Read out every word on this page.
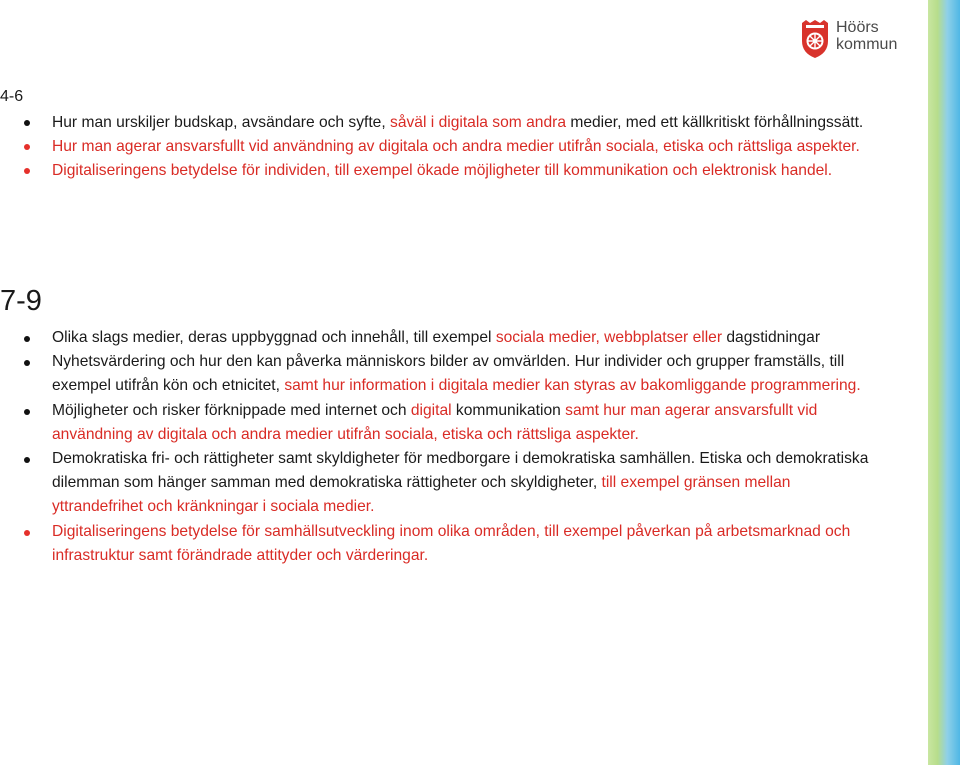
Höörs
kommun
4-6
Hur man urskiljer budskap, avsändare och syfte, såväl i digitala som andra medier, med ett källkritiskt förhållningssätt.
Hur man agerar ansvarsfullt vid användning av digitala och andra medier utifrån sociala, etiska och rättsliga aspekter.
Digitaliseringens betydelse för individen, till exempel ökade möjligheter till kommunikation och elektronisk handel.
7-9
Olika slags medier, deras uppbyggnad och innehåll, till exempel sociala medier, webbplatser eller dagstidningar
Nyhetsvärdering och hur den kan påverka människors bilder av omvärlden. Hur individer och grupper framställs, till exempel utifrån kön och etnicitet, samt hur information i digitala medier kan styras av bakomliggande programmering.
Möjligheter och risker förknippade med internet och digital kommunikation samt hur man agerar ansvarsfullt vid användning av digitala och andra medier utifrån sociala, etiska och rättsliga aspekter.
Demokratiska fri- och rättigheter samt skyldigheter för medborgare i demokratiska samhällen. Etiska och demokratiska dilemman som hänger samman med demokratiska rättigheter och skyldigheter, till exempel gränsen mellan yttrandefrihet och kränkningar i sociala medier.
Digitaliseringens betydelse för samhällsutveckling inom olika områden, till exempel påverkan på arbetsmarknad och infrastruktur samt förändrade attityder och värderingar.
